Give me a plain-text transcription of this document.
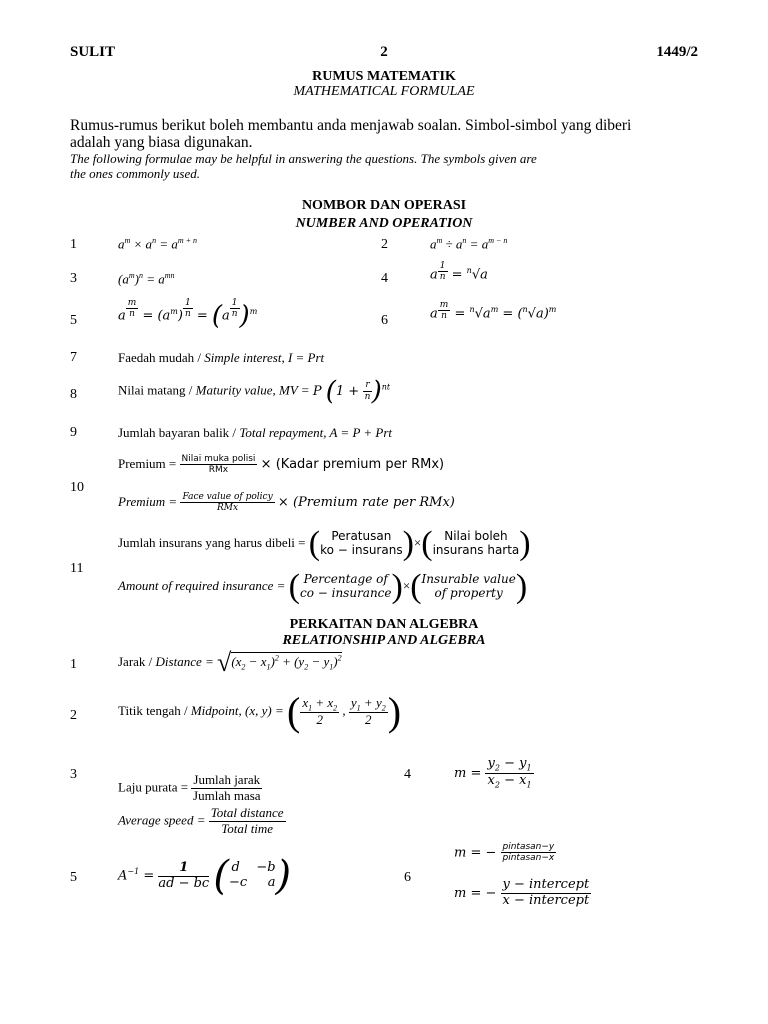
SULIT	2	1449/2
RUMUS MATEMATIK
MATHEMATICAL FORMULAE
Rumus-rumus berikut boleh membantu anda menjawab soalan. Simbol-simbol yang diberi
adalah yang biasa digunakan.
The following formulae may be helpful in answering the questions. The symbols given are
the ones commonly used.
NOMBOR DAN OPERASI
NUMBER AND OPERATION
1	$a^m \times a^n = a^{m + n}$	2	$a^m \div a^n = a^{m - n}$
3	$(a^m)^n = a^{mn}$	4	a $^{\frac{1}{n}}$ = $^n$√a
5	a $^{\frac{m}{n}} = (a^m) ^{\frac{1}{n}} = (a$ $^{\frac{1}{n}}$ )$^m$
6	a $^{\frac{m}{n}} = ^n√a^m = (^n√a)^m$
7	Faedah mudah / Simple interest, I = Prt
8	Nilai matang / Maturity value, MV = P $(1 + \frac{r}{n} )^{nt}$
9	Jumlah bayaran balik / Total repayment, A = P + Prt
10
Premium = $\frac{\text{Nilai muka polisi}}{\text{RMx}}$ × (Kadar premium per RMx)
Premium = $\frac{\text{Face value of policy}}{\text{RMx}}$ × (Premium rate per RMx)
11
Jumlah insurans yang harus dibeli = ( Peratusan
ko − insurans )×( Nilai boleh
insurans harta )
Amount of required insurance = ( Percentage of
co − insurance )×( Insurable value
of property )
PERKAITAN DAN ALGEBRA
RELATIONSHIP AND ALGEBRA
1	Jarak / Distance = $√(x_2 - x_1)^2 + (y_2 - y_1)^2$
2	Titik tengah / Midpoint, (x, y) = ( $\frac{x_1 + x_2}{2}$ , $\frac{y_1 + y_2}{2}$ )
3
Laju purata = $\frac{\text{Jumlah jarak}}{\text{Jumlah masa}}$
Average speed = $\frac{\text{Total distance}}{\text{Total time}}$
4	$m = \frac{y_2 - y_1}{x_2 - x_1}$
5	$A^{-1} = \frac{1}{ad - bc}$ ( d    −b
−c     a )	6
m = − $\frac{\text{pintasan−y}}{\text{pintasan−x}}$
m = − $\frac{\text{y − intercept}}{\text{x − intercept}}$
